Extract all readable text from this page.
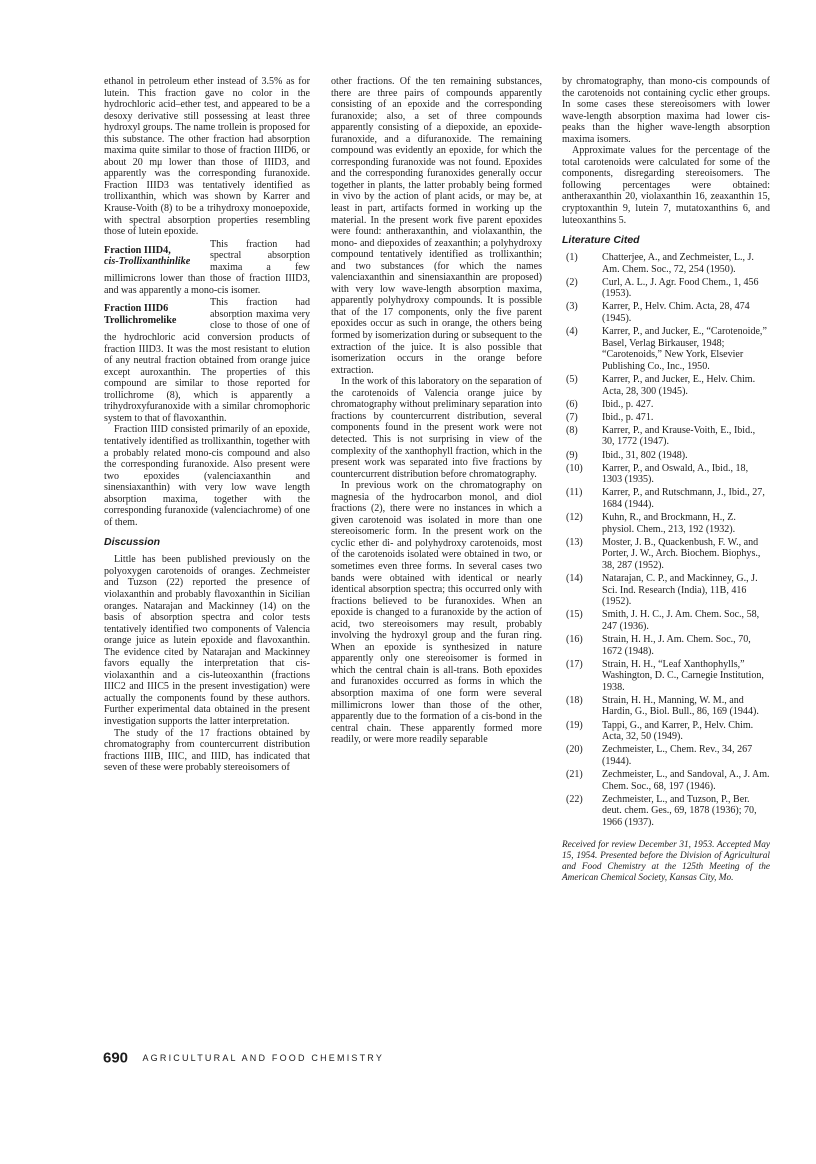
ethanol in petroleum ether instead of 3.5% as for lutein. This fraction gave no color in the hydrochloric acid–ether test, and appeared to be a desoxy derivative still possessing at least three hydroxyl groups. The name trollein is proposed for this substance. The other fraction had absorption maxima quite similar to those of fraction IIID6, or about 20 mμ lower than those of IIID3, and apparently was the corresponding furanoxide. Fraction IIID3 was tentatively identified as trollixanthin, which was shown by Karrer and Krause-Voith (8) to be a trihydroxy monoepoxide, with spectral absorption properties resembling those of lutein epoxide.

Fraction IIID4,
cis-Trollixanthinlike

This fraction had spectral absorption maxima a few millimicrons lower than those of fraction IIID3, and was apparently a mono-cis isomer.

Fraction IIID6
Trollichromelike

This fraction had absorption maxima very close to those of one of the hydrochloric acid conversion products of fraction IIID3. It was the most resistant to elution of any neutral fraction obtained from orange juice except auroxanthin. The properties of this compound are similar to those reported for trollichrome (8), which is apparently a trihydroxyfuranoxide with a similar chromophoric system to that of flavoxanthin.

Fraction IIID consisted primarily of an epoxide, tentatively identified as trollixanthin, together with a probably related mono-cis compound and also the corresponding furanoxide. Also present were two epoxides (valenciaxanthin and sinensiaxanthin) with very low wave length absorption maxima, together with the corresponding furanoxide (valenciachrome) of one of them.

Discussion

Little has been published previously on the polyoxygen carotenoids of oranges. Zechmeister and Tuzson (22) reported the presence of violaxanthin and probably flavoxanthin in Sicilian oranges. Natarajan and Mackinney (14) on the basis of absorption spectra and color tests tentatively identified two components of Valencia orange juice as lutein epoxide and flavoxanthin. The evidence cited by Natarajan and Mackinney favors equally the interpretation that cis-violaxanthin and a cis-luteoxanthin (fractions IIIC2 and IIIC5 in the present investigation) were actually the components found by these authors. Further experimental data obtained in the present investigation supports the latter interpretation.

The study of the 17 fractions obtained by chromatography from countercurrent distribution fractions IIIB, IIIC, and IIID, has indicated that seven of these were probably stereoisomers of

other fractions. Of the ten remaining substances, there are three pairs of compounds apparently consisting of an epoxide and the corresponding furanoxide; also, a set of three compounds apparently consisting of a diepoxide, an epoxide-furanoxide, and a difuranoxide. The remaining compound was evidently an epoxide, for which the corresponding furanoxide was not found. Epoxides and the corresponding furanoxides generally occur together in plants, the latter probably being formed in vivo by the action of plant acids, or may be, at least in part, artifacts formed in working up the material. In the present work five parent epoxides were found: antheraxanthin, and violaxanthin, the mono- and diepoxides of zeaxanthin; a polyhydroxy compound tentatively identified as trollixanthin; and two substances (for which the names valenciaxanthin and sinensiaxanthin are proposed) with very low wave-length absorption maxima, apparently polyhydroxy compounds. It is possible that of the 17 components, only the five parent epoxides occur as such in orange, the others being formed by isomerization during or subsequent to the extraction of the juice. It is also possible that isomerization occurs in the orange before extraction.

In the work of this laboratory on the separation of the carotenoids of Valencia orange juice by chromatography without preliminary separation into fractions by countercurrent distribution, several components found in the present work were not detected. This is not surprising in view of the complexity of the xanthophyll fraction, which in the present work was separated into five fractions by countercurrent distribution before chromatography.

In previous work on the chromatography on magnesia of the hydrocarbon monol, and diol fractions (2), there were no instances in which a given carotenoid was isolated in more than one stereoisomeric form. In the present work on the cyclic ether di- and polyhydroxy carotenoids, most of the carotenoids isolated were obtained in two, or sometimes even three forms. In several cases two bands were obtained with identical or nearly identical absorption spectra; this occurred only with fractions believed to be furanoxides. When an epoxide is changed to a furanoxide by the action of acid, two stereoisomers may result, probably involving the hydroxyl group and the furan ring. When an epoxide is synthesized in nature apparently only one stereoisomer is formed in which the central chain is all-trans. Both epoxides and furanoxides occurred as forms in which the absorption maxima of one form were several millimicrons lower than those of the other, apparently due to the formation of a cis-bond in the central chain. These apparently formed more readily, or were more readily separable

by chromatography, than mono-cis compounds of the carotenoids not containing cyclic ether groups. In some cases these stereoisomers with lower wave-length absorption maxima had lower cis-peaks than the higher wave-length absorption maxima isomers.

Approximate values for the percentage of the total carotenoids were calculated for some of the components, disregarding stereoisomers. The following percentages were obtained: antheraxanthin 20, violaxanthin 16, zeaxanthin 15, cryptoxanthin 9, lutein 7, mutatoxanthins 6, and luteoxanthins 5.

Literature Cited
(1) Chatterjee, A., and Zechmeister, L., J. Am. Chem. Soc., 72, 254 (1950).
(2) Curl, A. L., J. Agr. Food Chem., 1, 456 (1953).
(3) Karrer, P., Helv. Chim. Acta, 28, 474 (1945).
(4) Karrer, P., and Jucker, E., “Carotenoide,” Basel, Verlag Birkauser, 1948; “Carotenoids,” New York, Elsevier Publishing Co., Inc., 1950.
(5) Karrer, P., and Jucker, E., Helv. Chim. Acta, 28, 300 (1945).
(6) Ibid., p. 427.
(7) Ibid., p. 471.
(8) Karrer, P., and Krause-Voith, E., Ibid., 30, 1772 (1947).
(9) Ibid., 31, 802 (1948).
(10) Karrer, P., and Oswald, A., Ibid., 18, 1303 (1935).
(11) Karrer, P., and Rutschmann, J., Ibid., 27, 1684 (1944).
(12) Kuhn, R., and Brockmann, H., Z. physiol. Chem., 213, 192 (1932).
(13) Moster, J. B., Quackenbush, F. W., and Porter, J. W., Arch. Biochem. Biophys., 38, 287 (1952).
(14) Natarajan, C. P., and Mackinney, G., J. Sci. Ind. Research (India), 11B, 416 (1952).
(15) Smith, J. H. C., J. Am. Chem. Soc., 58, 247 (1936).
(16) Strain, H. H., J. Am. Chem. Soc., 70, 1672 (1948).
(17) Strain, H. H., “Leaf Xanthophylls,” Washington, D. C., Carnegie Institution, 1938.
(18) Strain, H. H., Manning, W. M., and Hardin, G., Biol. Bull., 86, 169 (1944).
(19) Tappi, G., and Karrer, P., Helv. Chim. Acta, 32, 50 (1949).
(20) Zechmeister, L., Chem. Rev., 34, 267 (1944).
(21) Zechmeister, L., and Sandoval, A., J. Am. Chem. Soc., 68, 197 (1946).
(22) Zechmeister, L., and Tuzson, P., Ber. deut. chem. Ges., 69, 1878 (1936); 70, 1966 (1937).

Received for review December 31, 1953. Accepted May 15, 1954. Presented before the Division of Agricultural and Food Chemistry at the 125th Meeting of the American Chemical Society, Kansas City, Mo.

690 AGRICULTURAL AND FOOD CHEMISTRY
